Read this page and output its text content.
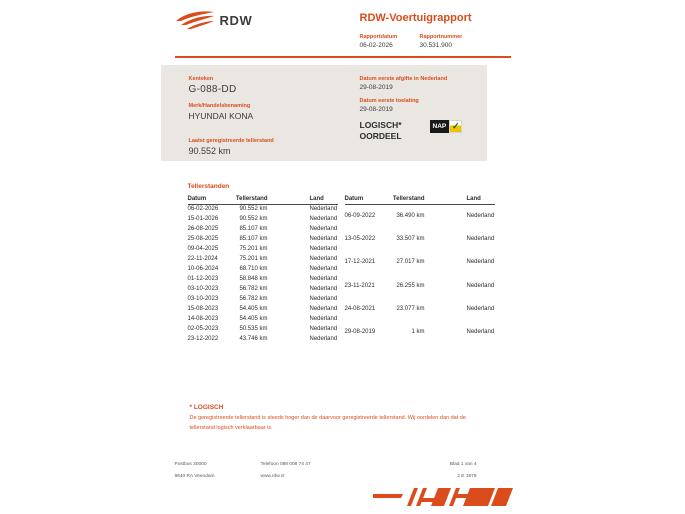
RDW	RDW-Voertuigrapport
Rapportdatum
06-02-2026
Rapportnummer
30.531.900
Kenteken
G-088-DD
Merk/Handelsbenaming
HYUNDAI KONA
Laatst geregistreerde tellerstand
90.552 km
Datum eerste afgifte in Nederland
29-08-2019
Datum eerste toelating
29-08-2019
LOGISCH*
OORDEEL
NAP ✓
Tellerstanden
Datum	Tellerstand	Land
06-02-2026	90.552 km	Nederland
15-01-2026	90.552 km	Nederland
26-08-2025	85.107 km	Nederland
25-08-2025	85.107 km	Nederland
09-04-2025	75.201 km	Nederland
22-11-2024	75.201 km	Nederland
10-06-2024	68.710 km	Nederland
01-12-2023	58.848 km	Nederland
03-10-2023	56.782 km	Nederland
03-10-2023	56.782 km	Nederland
15-08-2023	54.405 km	Nederland
14-08-2023	54.405 km	Nederland
02-05-2023	50.535 km	Nederland
23-12-2022	43.746 km	Nederland
Datum	Tellerstand	Land
06-09-2022	36.490 km	Nederland
13-05-2022	33.507 km	Nederland
17-12-2021	27.017 km	Nederland
23-11-2021	26.255 km	Nederland
24-08-2021	23.077 km	Nederland
29-08-2019	1 km	Nederland
* LOGISCH
De geregistreerde tellerstand is steeds hoger dan de daarvoor geregistreerde tellerstand. Wij oordelen dan dat de tellerstand logisch verklaarbaar is.
Postbus 30000
9640 RA Veendam
Telefoon 088 008 74 47
www.rdw.nl
Blad 1 van 4
2 E 1878
